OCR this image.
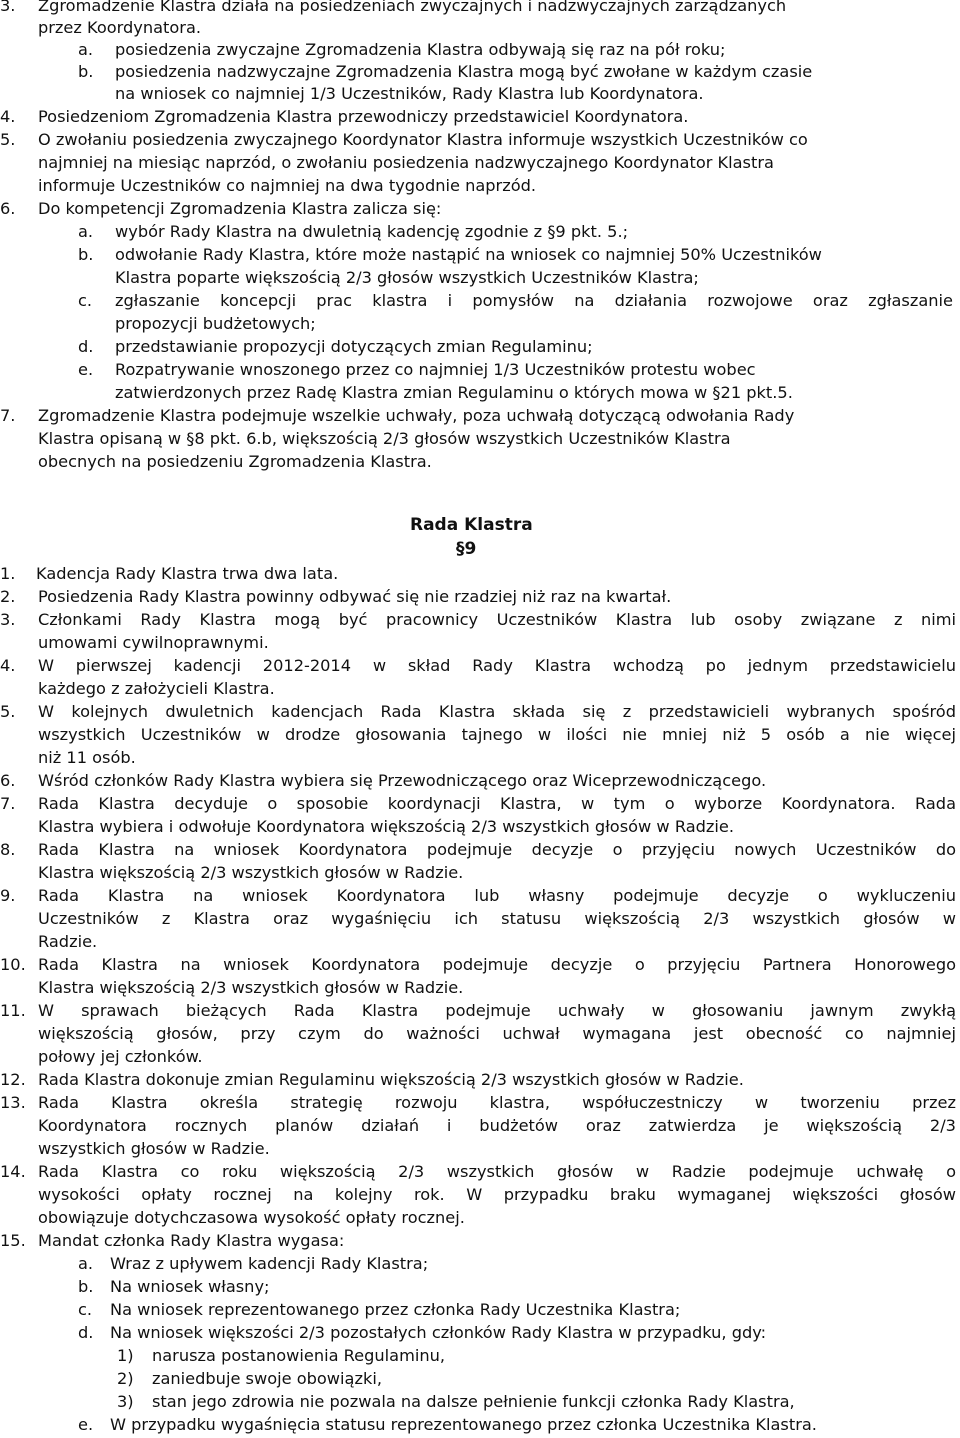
3. Zgromadzenie Klastra działa na posiedzeniach zwyczajnych i nadzwyczajnych zarządzanych
przez Koordynatora.
a. posiedzenia zwyczajne Zgromadzenia Klastra odbywają się raz na pół roku;
b. posiedzenia nadzwyczajne Zgromadzenia Klastra mogą być zwołane w każdym czasie
na wniosek co najmniej 1/3 Uczestników, Rady Klastra lub Koordynatora.
4. Posiedzeniom Zgromadzenia Klastra przewodniczy przedstawiciel Koordynatora.
5. O zwołaniu posiedzenia zwyczajnego Koordynator Klastra informuje wszystkich Uczestników co
najmniej na miesiąc naprzód, o zwołaniu posiedzenia nadzwyczajnego Koordynator Klastra
informuje Uczestników co najmniej na dwa tygodnie naprzód.
6. Do kompetencji Zgromadzenia Klastra zalicza się:
a. wybór Rady Klastra na dwuletnią kadencję zgodnie z §9 pkt. 5.;
b. odwołanie Rady Klastra, które może nastąpić na wniosek co najmniej 50% Uczestników
Klastra poparte większością 2/3 głosów wszystkich Uczestników Klastra;
c. zgłaszanie koncepcji prac klastra i pomysłów na działania rozwojowe oraz zgłaszanie
propozycji budżetowych;
d. przedstawianie propozycji dotyczących zmian Regulaminu;
e. Rozpatrywanie wnoszonego przez co najmniej 1/3 Uczestników protestu wobec
zatwierdzonych przez Radę Klastra zmian Regulaminu o których mowa w §21 pkt.5.
7. Zgromadzenie Klastra podejmuje wszelkie uchwały, poza uchwałą dotyczącą odwołania Rady
Klastra opisaną w §8 pkt. 6.b, większością 2/3 głosów wszystkich Uczestników Klastra
obecnych na posiedzeniu Zgromadzenia Klastra.
Rada Klastra
§9
1. Kadencja Rady Klastra trwa dwa lata.
2. Posiedzenia Rady Klastra powinny odbywać się nie rzadziej niż raz na kwartał.
3. Członkami Rady Klastra mogą być pracownicy Uczestników Klastra lub osoby związane z nimi
umowami cywilnoprawnymi.
4. W pierwszej kadencji 2012-2014 w skład Rady Klastra wchodzą po jednym przedstawicielu
każdego z założycieli Klastra.
5. W kolejnych dwuletnich kadencjach Rada Klastra składa się z przedstawicieli wybranych spośród
wszystkich Uczestników w drodze głosowania tajnego w ilości nie mniej niż 5 osób a nie więcej
niż 11 osób.
6. Wśród członków Rady Klastra wybiera się Przewodniczącego oraz Wiceprzewodniczącego.
7. Rada Klastra decyduje o sposobie koordynacji Klastra, w tym o wyborze Koordynatora. Rada
Klastra wybiera i odwołuje Koordynatora większością 2/3 wszystkich głosów w Radzie.
8. Rada Klastra na wniosek Koordynatora podejmuje decyzje o przyjęciu nowych Uczestników do
Klastra większością 2/3 wszystkich głosów w Radzie.
9. Rada Klastra na wniosek Koordynatora lub własny podejmuje decyzje o wykluczeniu
Uczestników z Klastra oraz wygaśnięciu ich statusu większością 2/3 wszystkich głosów w
Radzie.
10. Rada Klastra na wniosek Koordynatora podejmuje decyzje o przyjęciu Partnera Honorowego
Klastra większością 2/3 wszystkich głosów w Radzie.
11. W sprawach bieżących Rada Klastra podejmuje uchwały w głosowaniu jawnym zwykłą
większością głosów, przy czym do ważności uchwał wymagana jest obecność co najmniej
połowy jej członków.
12. Rada Klastra dokonuje zmian Regulaminu większością 2/3 wszystkich głosów w Radzie.
13. Rada Klastra określa strategię rozwoju klastra, współuczestniczy w tworzeniu przez
Koordynatora rocznych planów działań i budżetów oraz zatwierdza je większością 2/3
wszystkich głosów w Radzie.
14. Rada Klastra co roku większością 2/3 wszystkich głosów w Radzie podejmuje uchwałę o
wysokości opłaty rocznej na kolejny rok. W przypadku braku wymaganej większości głosów
obowiązuje dotychczasowa wysokość opłaty rocznej.
15. Mandat członka Rady Klastra wygasa:
a. Wraz z upływem kadencji Rady Klastra;
b. Na wniosek własny;
c. Na wniosek reprezentowanego przez członka Rady Uczestnika Klastra;
d. Na wniosek większości 2/3 pozostałych członków Rady Klastra w przypadku, gdy:
1) narusza postanowienia Regulaminu,
2) zaniedbuje swoje obowiązki,
3) stan jego zdrowia nie pozwala na dalsze pełnienie funkcji członka Rady Klastra,
e. W przypadku wygaśnięcia statusu reprezentowanego przez członka Uczestnika Klastra.
